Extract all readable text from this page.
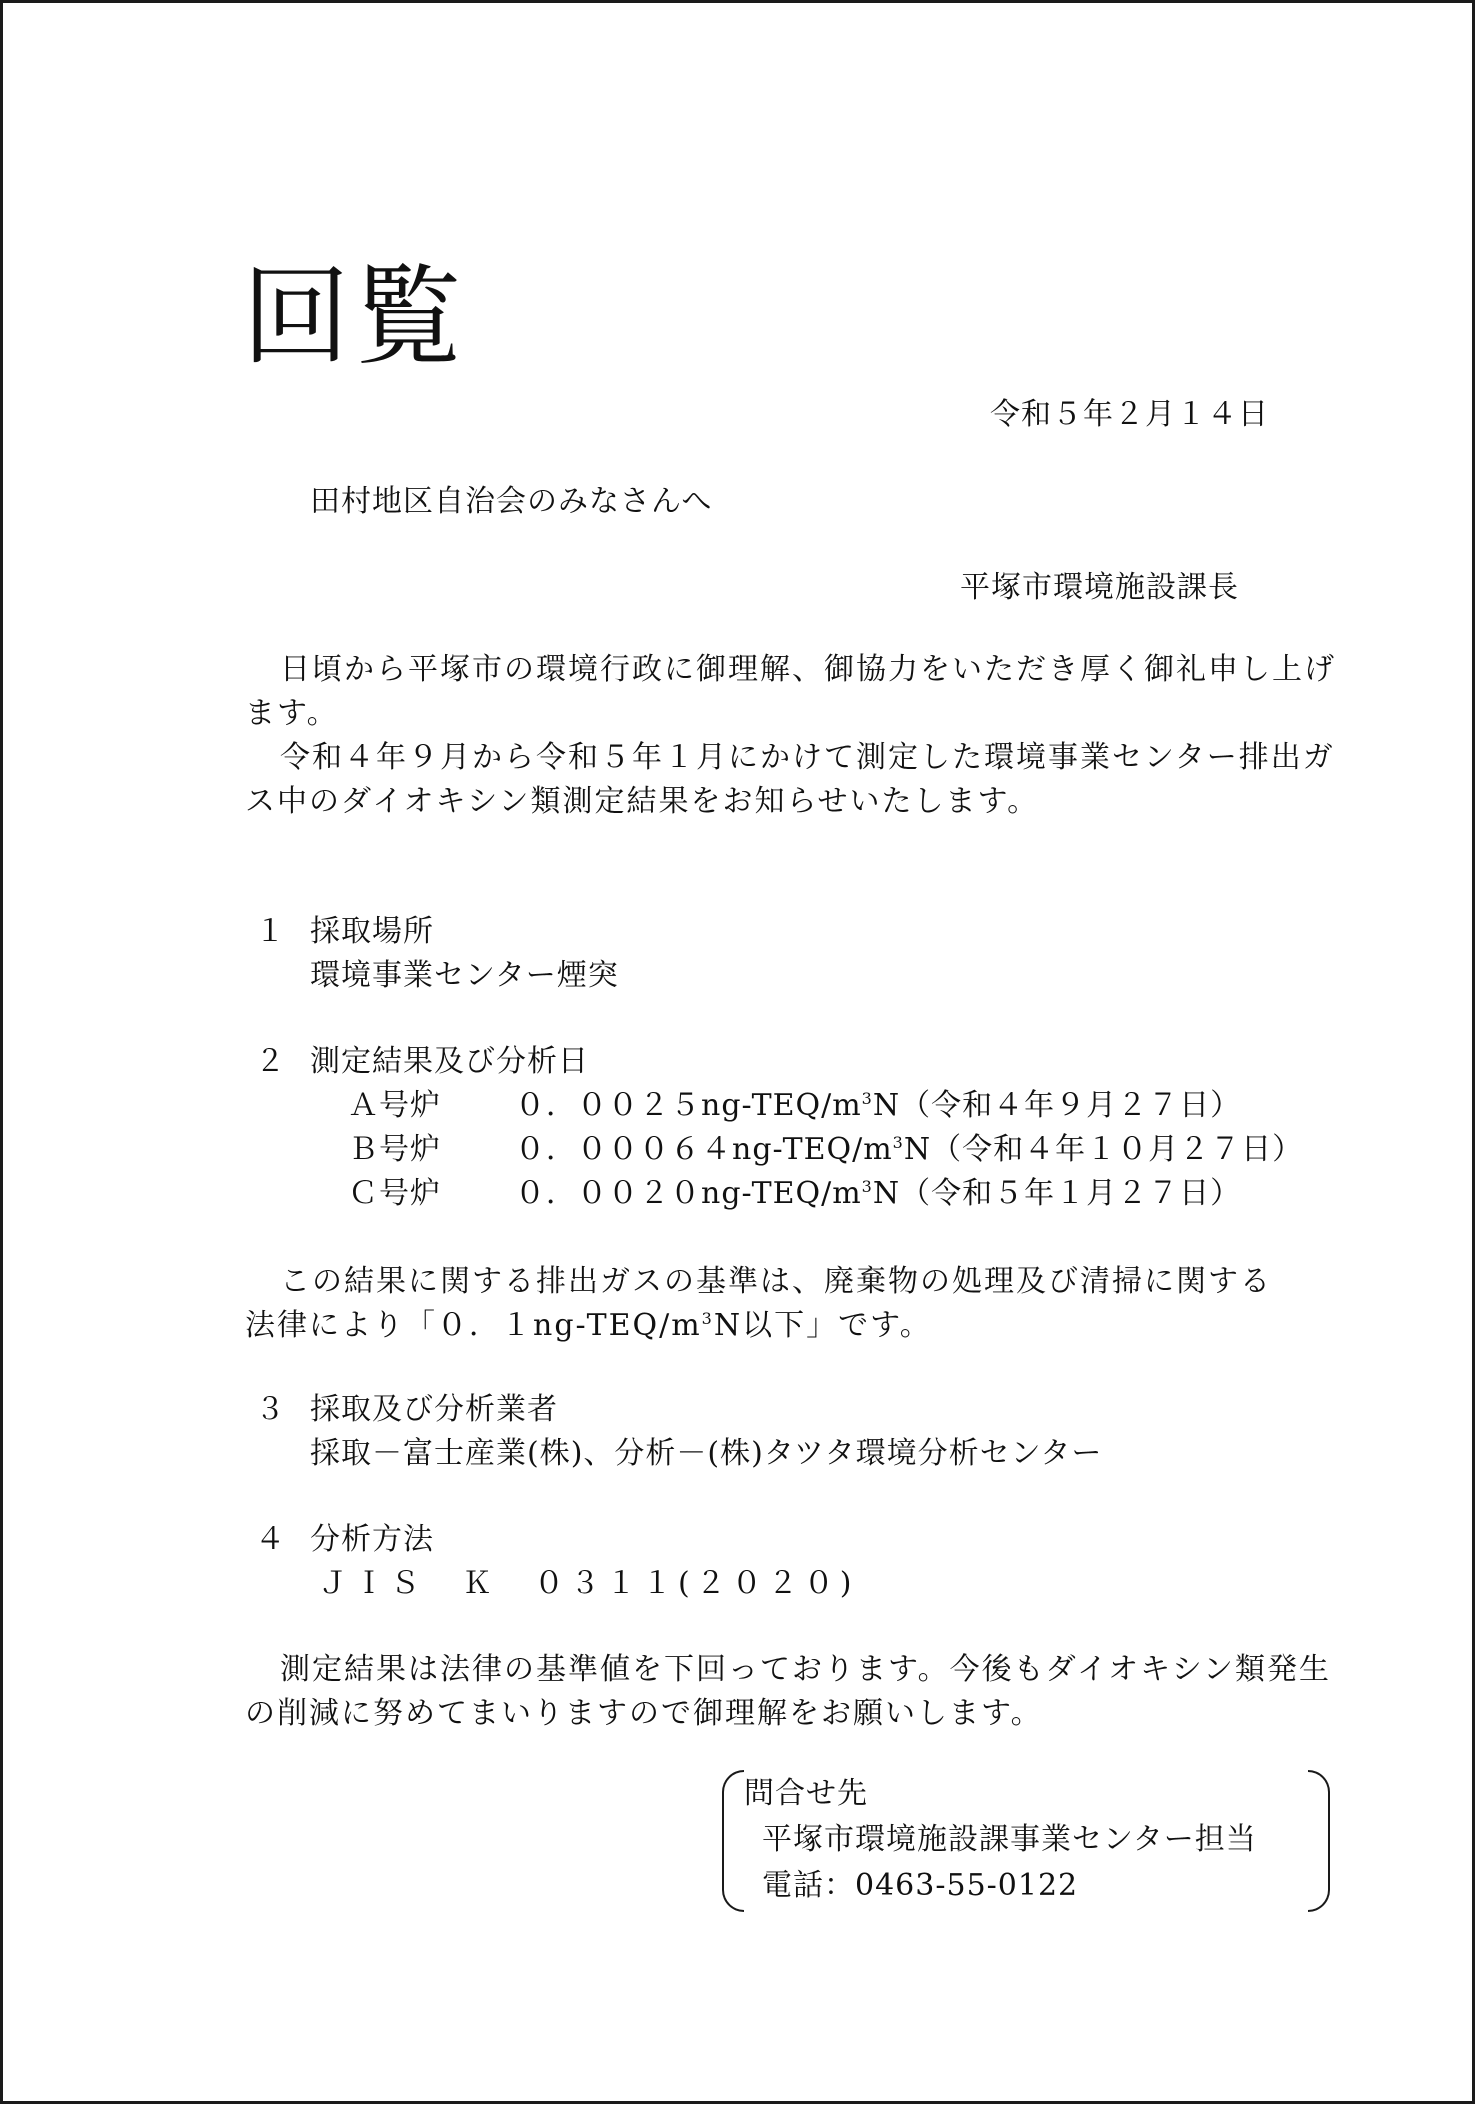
回覧
令和５年２月１４日
田村地区自治会のみなさんへ
平塚市環境施設課長

日頃から平塚市の環境行政に御理解、御協力をいただき厚く御礼申し上げます。

令和４年９月から令和５年１月にかけて測定した環境事業センター排出ガス中のダイオキシン類測定結果をお知らせいたします。

１ 採取場所
環境事業センター煙突
２ 測定結果及び分析日
Ａ号炉 ０．$0025ng-TEQ/m^3N$（令和４年９月２７日）
Ｂ号炉 ０．$00064ng-TEQ/m^3N$（令和４年１０月２７日）
Ｃ号炉 ０．$0020ng-TEQ/m^3N$（令和５年１月２７日）
この結果に関する排出ガスの基準は、廃棄物の処理及び清掃に関する
法律により「０．$1ng-TEQ/m^3N$以下」です。
３ 採取及び分析業者
採取－富士産業(株)、分析－(株)タツタ環境分析センター
４ 分析方法
ＪＩＳ　Ｋ　０３１１(２０２０)

測定結果は法律の基準値を下回っております。今後もダイオキシン類発生の削減に努めてまいりますので御理解をお願いします。

問合せ先
平塚市環境施設課事業センター担当
電話：0463-55-0122
